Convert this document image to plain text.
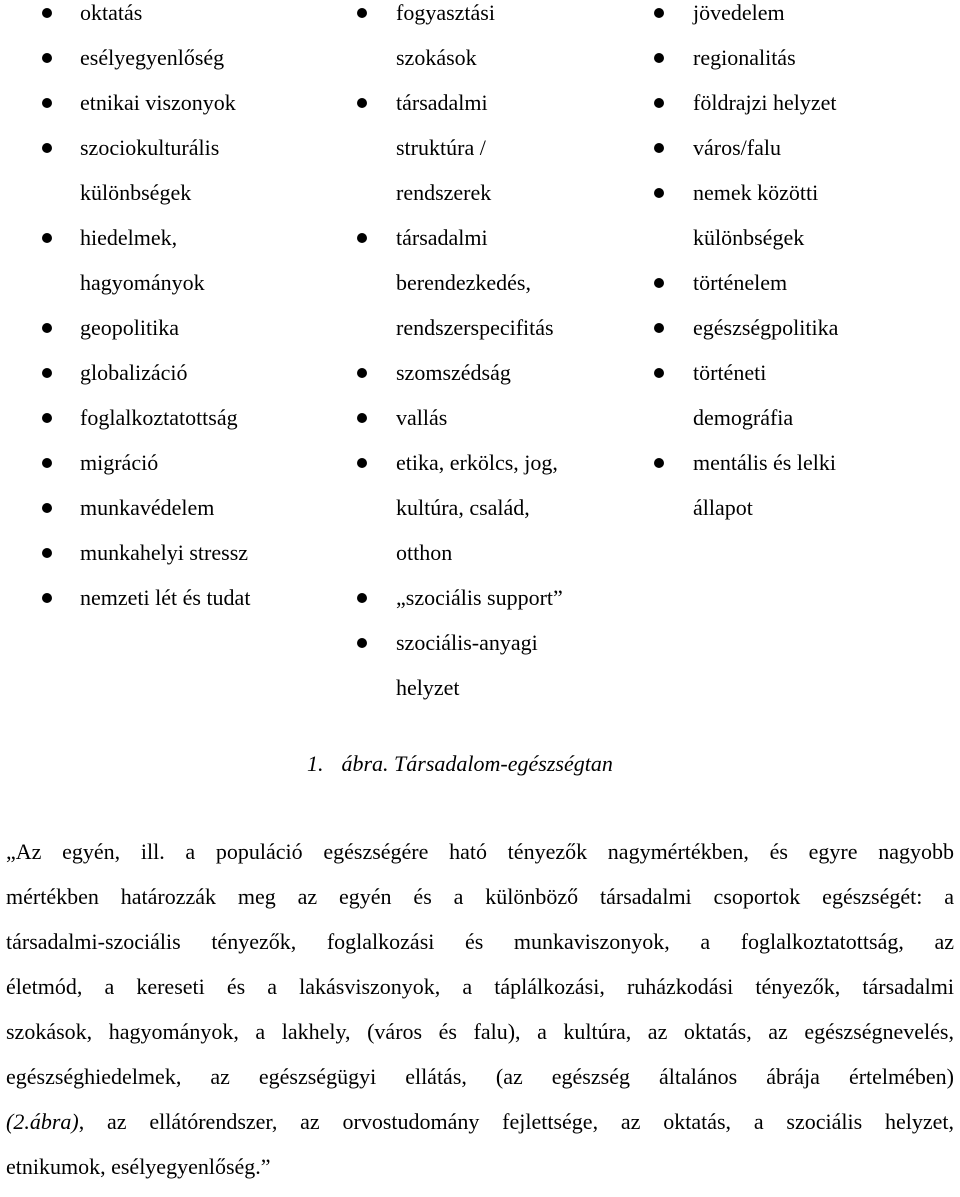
oktatás
esélyegyenlőség
etnikai viszonyok
szociokulturális
különbségek
hiedelmek,
hagyományok
geopolitika
globalizáció
foglalkoztatottság
migráció
munkavédelem
munkahelyi stressz
nemzeti lét és tudat
fogyasztási
szokások
társadalmi
struktúra /
rendszerek
társadalmi
berendezkedés,
rendszerspecifitás
szomszédság
vallás
etika, erkölcs, jog,
kultúra, család,
otthon
„szociális support”
szociális-anyagi
helyzet
jövedelem
regionalitás
földrajzi helyzet
város/falu
nemek közötti
különbségek
történelem
egészségpolitika
történeti
demográfia
mentális és lelki
állapot
1. ábra. Társadalom-egészségtan
„Az egyén, ill. a populáció egészségére ható tényezők nagymértékben, és egyre nagyobb
mértékben határozzák meg az egyén és a különböző társadalmi csoportok egészségét: a
társadalmi-szociális tényezők, foglalkozási és munkaviszonyok, a foglalkoztatottság, az
életmód, a kereseti és a lakásviszonyok, a táplálkozási, ruházkodási tényezők, társadalmi
szokások, hagyományok, a lakhely, (város és falu), a kultúra, az oktatás, az egészségnevelés,
egészséghiedelmek, az egészségügyi ellátás, (az egészség általános ábrája értelmében)
(2.ábra), az ellátórendszer, az orvostudomány fejlettsége, az oktatás, a szociális helyzet,
etnikumok, esélyegyenlőség.”
